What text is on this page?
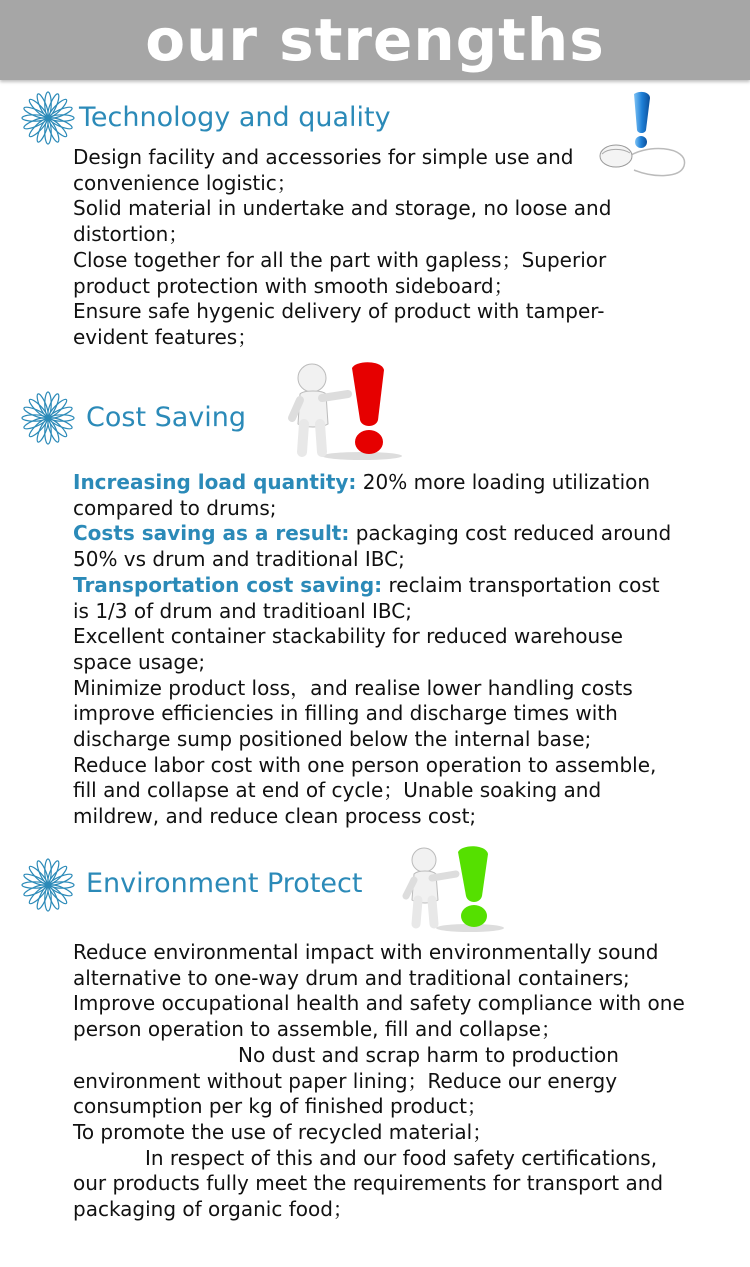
our strengths
Technology and quality

Design facility and accessories for simple use and convenience logistic；

Solid material in undertake and storage, no loose and distortion；

Close together for all the part with gapless；Superior product protection with smooth sideboard；

Ensure safe hygenic delivery of product with tamper-evident features；

Cost Saving

Increasing load quantity: 20% more loading utilization compared to drums;

Costs saving as a result: packaging cost reduced around 50% vs drum and traditional IBC;

Transportation cost saving: reclaim transportation cost is 1/3 of drum and traditioanl IBC;

Excellent container stackability for reduced warehouse space usage;

Minimize product loss，and realise lower handling costs improve efficiencies in filling and discharge times with discharge sump positioned below the internal base;

Reduce labor cost with one person operation to assemble, fill and collapse at end of cycle；Unable soaking and mildrew, and reduce clean process cost;

Environment Protect

Reduce environmental impact with environmentally sound alternative to one-way drum and traditional containers;

Improve occupational health and safety compliance with one person operation to assemble, fill and collapse；

No dust and scrap harm to production environment without paper lining；Reduce our energy consumption per kg of finished product；

To promote the use of recycled material；

In respect of this and our food safety certifications, our products fully meet the requirements for transport and packaging of organic food；
